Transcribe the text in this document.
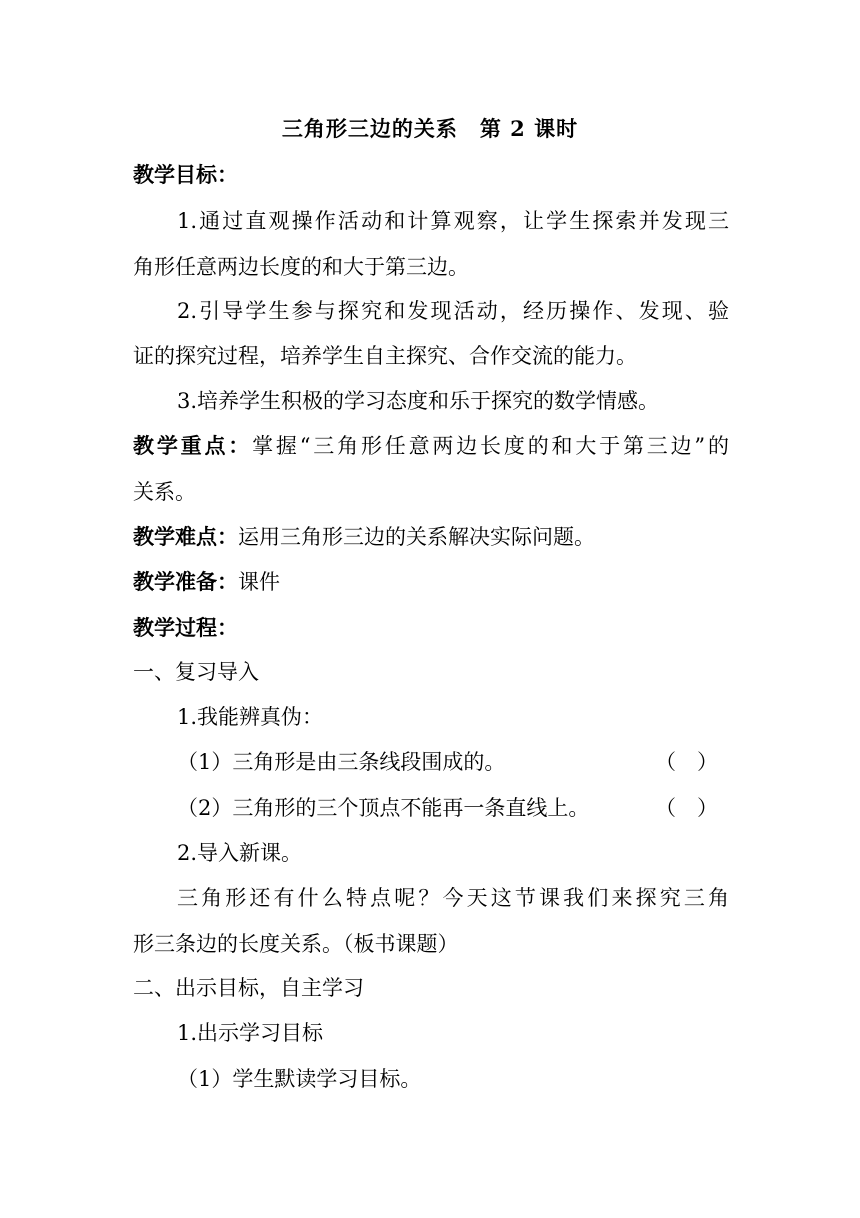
三角形三边的关系　第 2 课时
教学目标：
1.通过直观操作活动和计算观察，让学生探索并发现三
角形任意两边长度的和大于第三边。
2.引导学生参与探究和发现活动，经历操作、发现、验
证的探究过程，培养学生自主探究、合作交流的能力。
3.培养学生积极的学习态度和乐于探究的数学情感。
教学重点：掌握“三角形任意两边长度的和大于第三边”的
关系。
教学难点：运用三角形三边的关系解决实际问题。
教学准备：课件
教学过程：
一、复习导入
1.我能辨真伪：
（1）三角形是由三条线段围成的。	（　）
（2）三角形的三个顶点不能再一条直线上。	（　）
2.导入新课。
三角形还有什么特点呢？今天这节课我们来探究三角
形三条边的长度关系。（板书课题）
二、出示目标，自主学习
1.出示学习目标
（1）学生默读学习目标。
